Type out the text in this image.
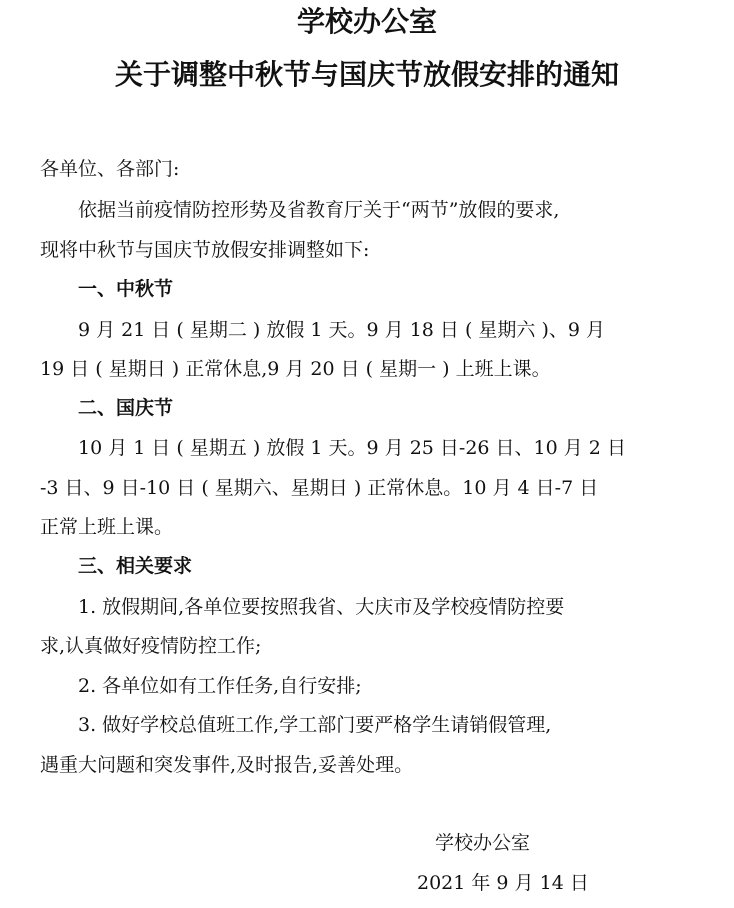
学校办公室
关于调整中秋节与国庆节放假安排的通知
各单位、各部门:
依据当前疫情防控形势及省教育厅关于“两节”放假的要求,
现将中秋节与国庆节放假安排调整如下:
一、中秋节
9 月 21 日 ( 星期二 ) 放假 1 天。9 月 18 日 ( 星期六 )、9 月
19 日 ( 星期日 ) 正常休息,9 月 20 日 ( 星期一 ) 上班上课。
二、国庆节
10 月 1 日 ( 星期五 ) 放假 1 天。9 月 25 日-26 日、10 月 2 日
-3 日、9 日-10 日 ( 星期六、星期日 ) 正常休息。10 月 4 日-7 日
正常上班上课。
三、相关要求
1. 放假期间,各单位要按照我省、大庆市及学校疫情防控要
求,认真做好疫情防控工作;
2. 各单位如有工作任务,自行安排;
3. 做好学校总值班工作,学工部门要严格学生请销假管理,
遇重大问题和突发事件,及时报告,妥善处理。
学校办公室
2021 年 9 月 14 日
